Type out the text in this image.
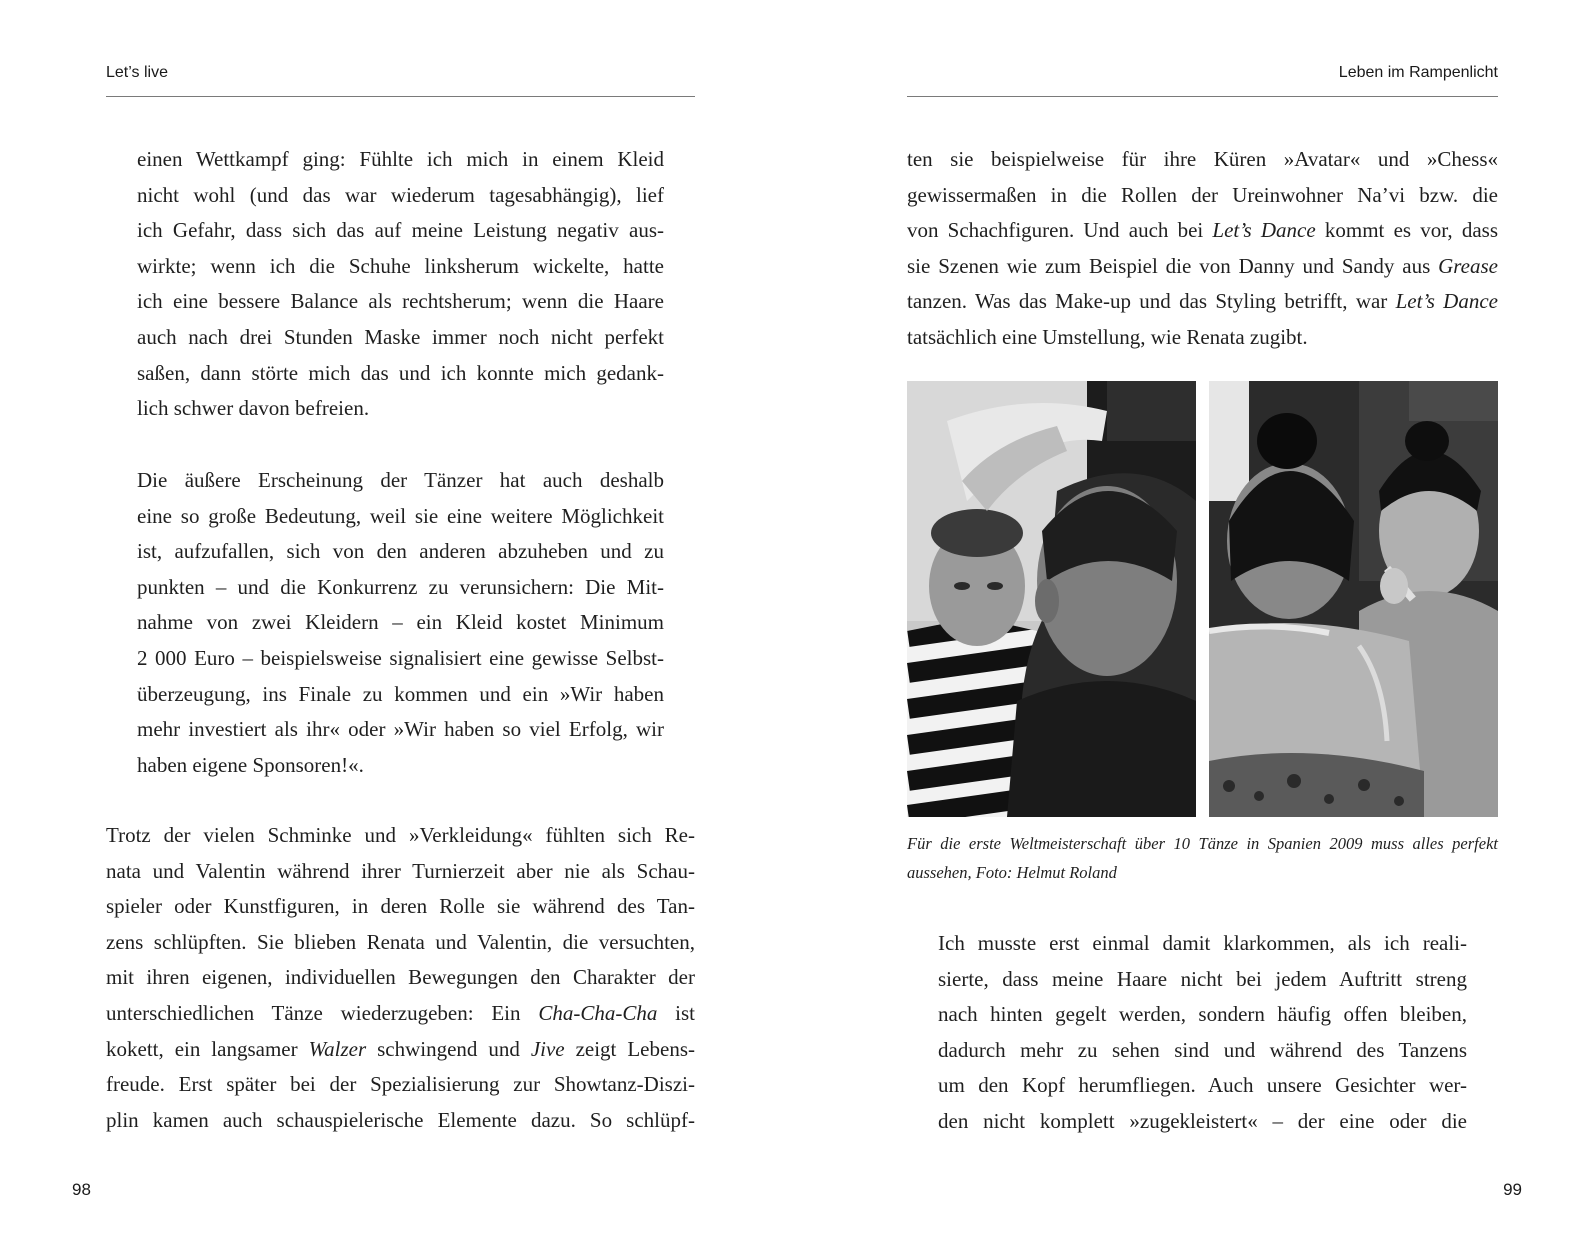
Let’s live
einen Wettkampf ging: Fühlte ich mich in einem Kleid
nicht wohl (und das war wiederum tagesabhängig), lief
ich Gefahr, dass sich das auf meine Leistung negativ aus-
wirkte; wenn ich die Schuhe linksherum wickelte, hatte
ich eine bessere Balance als rechtsherum; wenn die Haare
auch nach drei Stunden Maske immer noch nicht perfekt
saßen, dann störte mich das und ich konnte mich gedank-
lich schwer davon befreien.
Die äußere Erscheinung der Tänzer hat auch deshalb
eine so große Bedeutung, weil sie eine weitere Möglichkeit
ist, aufzufallen, sich von den anderen abzuheben und zu
punkten – und die Konkurrenz zu verunsichern: Die Mit-
nahme von zwei Kleidern – ein Kleid kostet Minimum
2 000 Euro – beispielsweise signalisiert eine gewisse Selbst-
überzeugung, ins Finale zu kommen und ein »Wir haben
mehr investiert als ihr« oder »Wir haben so viel Erfolg, wir
haben eigene Sponsoren!«.
Trotz der vielen Schminke und »Verkleidung« fühlten sich Re-
nata und Valentin während ihrer Turnierzeit aber nie als Schau-
spieler oder Kunstfiguren, in deren Rolle sie während des Tan-
zens schlüpften. Sie blieben Renata und Valentin, die versuchten,
mit ihren eigenen, individuellen Bewegungen den Charakter der
unterschiedlichen Tänze wiederzugeben: Ein Cha-Cha-Cha ist
kokett, ein langsamer Walzer schwingend und Jive zeigt Lebens-
freude. Erst später bei der Spezialisierung zur Showtanz-Diszi-
plin kamen auch schauspielerische Elemente dazu. So schlüpf-
98
Leben im Rampenlicht
ten sie beispielweise für ihre Küren »Avatar« und »Chess«
gewissermaßen in die Rollen der Ureinwohner Na’vi bzw. die
von Schachfiguren. Und auch bei Let’s Dance kommt es vor, dass
sie Szenen wie zum Beispiel die von Danny und Sandy aus Grease
tanzen. Was das Make-up und das Styling betrifft, war Let’s Dance
tatsächlich eine Umstellung, wie Renata zugibt.
Für die erste Weltmeisterschaft über 10 Tänze in Spanien 2009 muss alles perfekt
aussehen, Foto: Helmut Roland
Ich musste erst einmal damit klarkommen, als ich reali-
sierte, dass meine Haare nicht bei jedem Auftritt streng
nach hinten gegelt werden, sondern häufig offen bleiben,
dadurch mehr zu sehen sind und während des Tanzens
um den Kopf herumfliegen. Auch unsere Gesichter wer-
den nicht komplett »zugekleistert« – der eine oder die
99
